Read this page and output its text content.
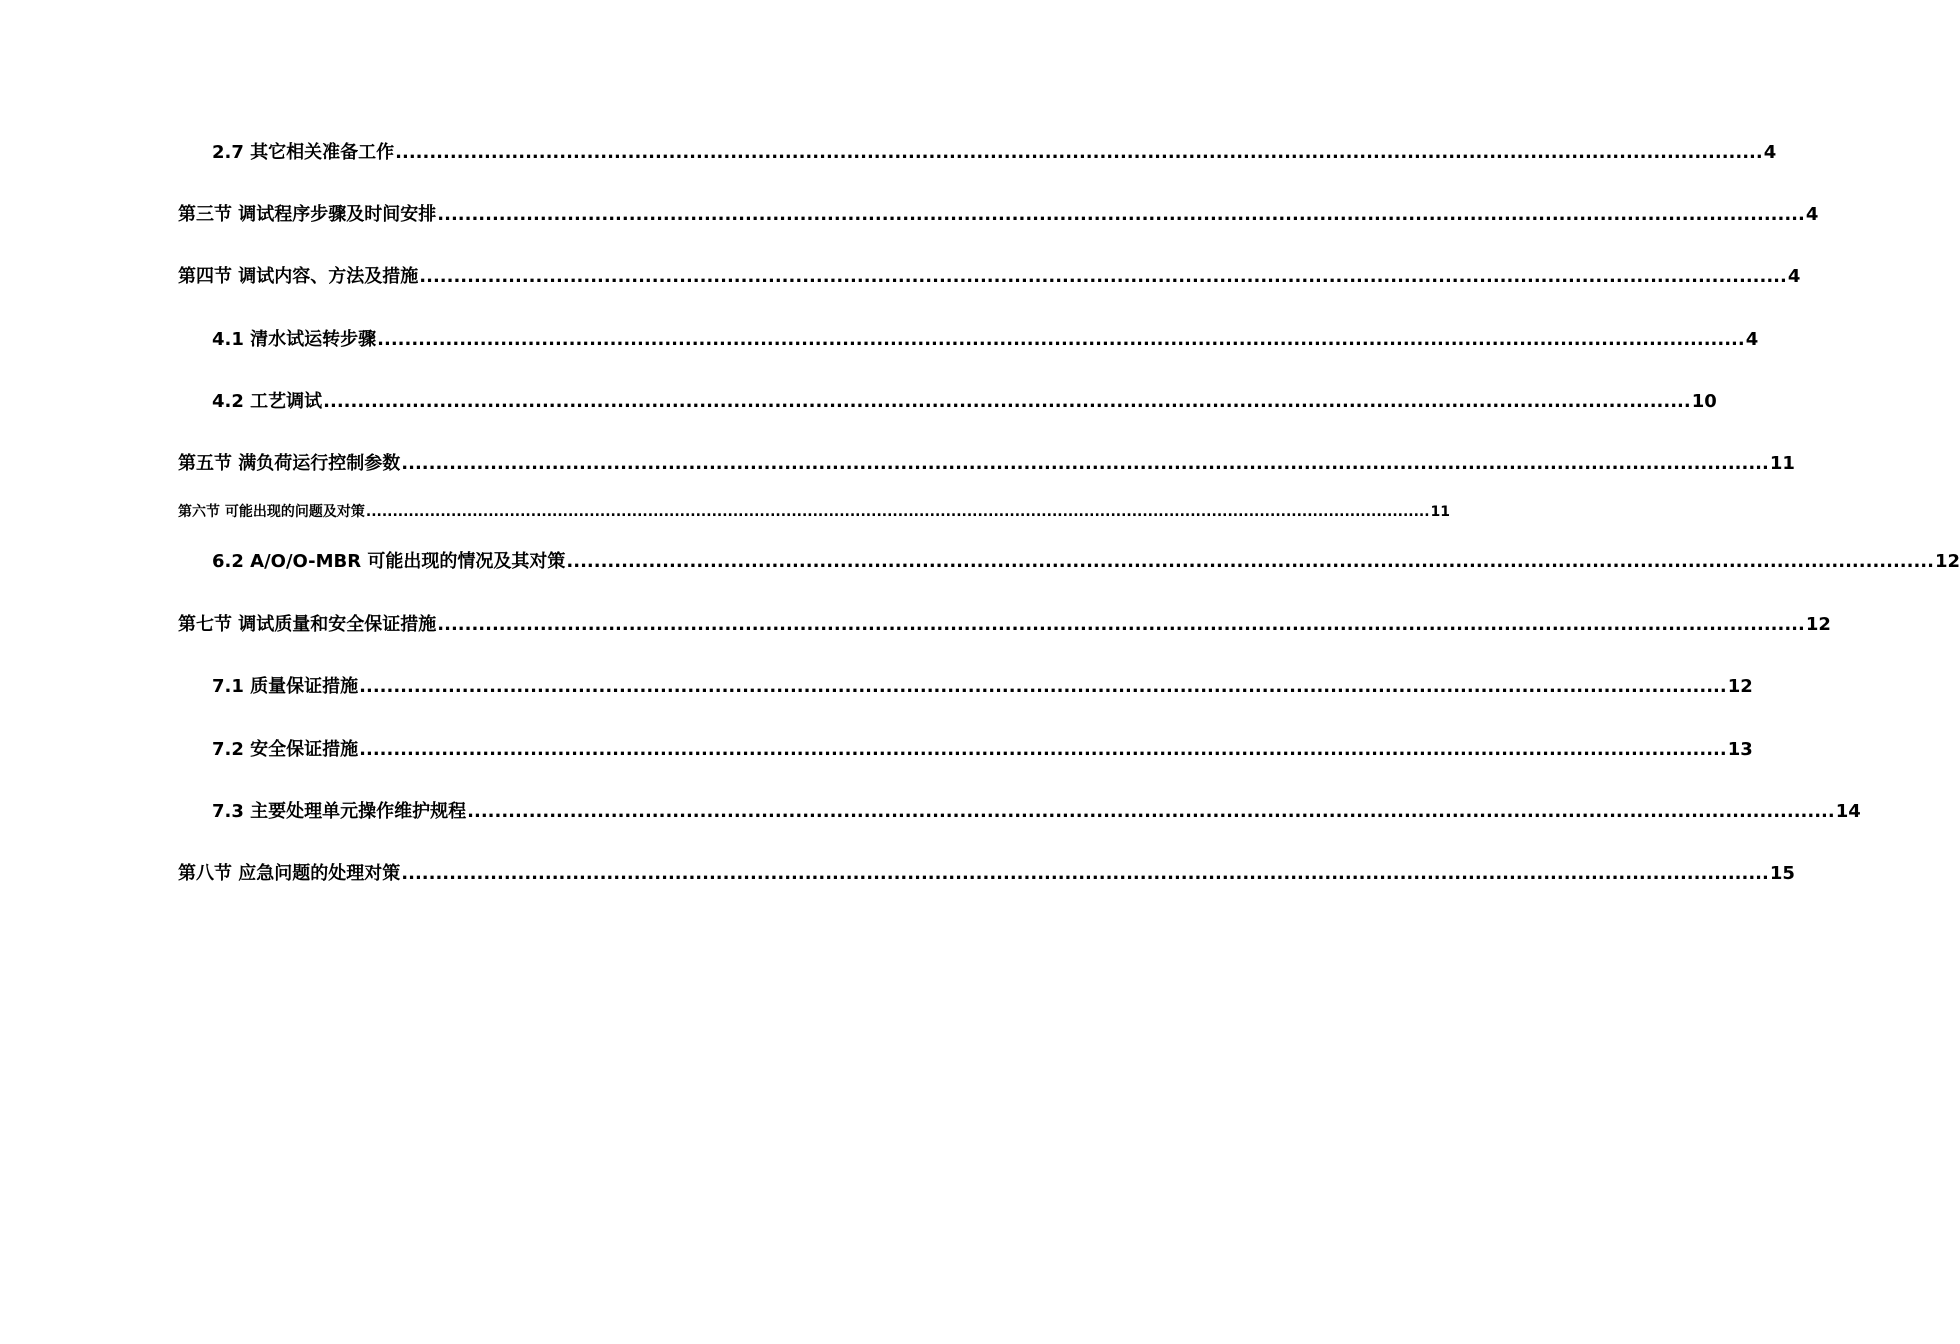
2.7 其它相关准备工作 ........................................................................................................................................................................................................ 4
第三节 调试程序步骤及时间安排 ........................................................................................................................................................................................................ 4
第四节 调试内容、方法及措施 ........................................................................................................................................................................................................ 4
4.1 清水试运转步骤 ........................................................................................................................................................................................................ 4
4.2 工艺调试 ........................................................................................................................................................................................................ 10
第五节 满负荷运行控制参数 ........................................................................................................................................................................................................ 11
第六节 可能出现的问题及对策 ........................................................................................................................................................................................................ 11
6.2 A/O/O-MBR 可能出现的情况及其对策 ........................................................................................................................................................................................................ 12
第七节 调试质量和安全保证措施 ........................................................................................................................................................................................................ 12
7.1 质量保证措施 ........................................................................................................................................................................................................ 12
7.2 安全保证措施 ........................................................................................................................................................................................................ 13
7.3 主要处理单元操作维护规程 ........................................................................................................................................................................................................ 14
第八节 应急问题的处理对策 ........................................................................................................................................................................................................ 15
